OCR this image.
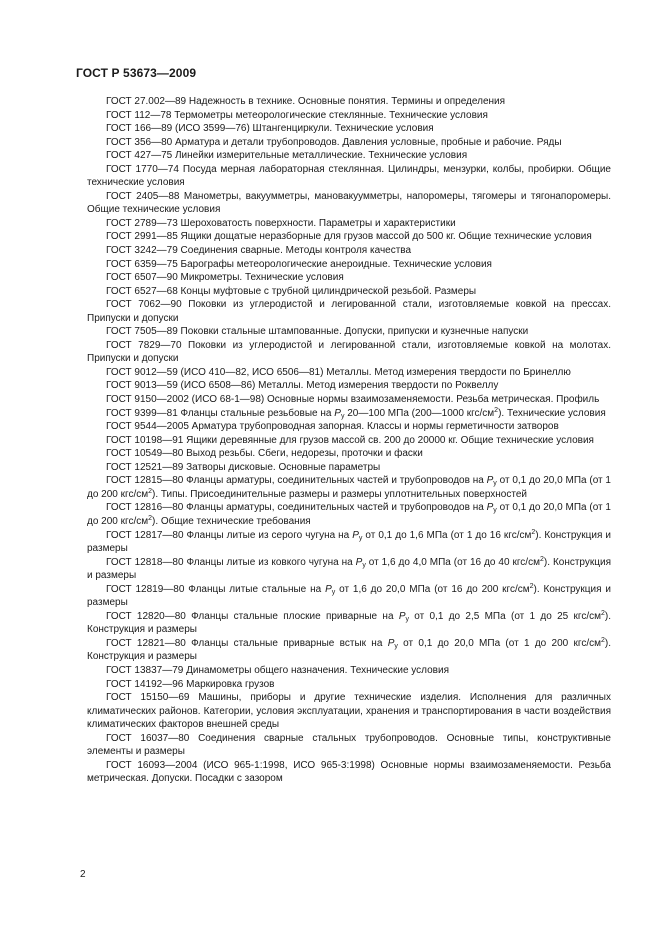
ГОСТ Р 53673—2009

ГОСТ 27.002—89 Надежность в технике. Основные понятия. Термины и определения

ГОСТ 112—78 Термометры метеорологические стеклянные. Технические условия

ГОСТ 166—89 (ИСО 3599—76) Штангенциркули. Технические условия

ГОСТ 356—80 Арматура и детали трубопроводов. Давления условные, пробные и рабочие. Ряды

ГОСТ 427—75 Линейки измерительные металлические. Технические условия

ГОСТ 1770—74 Посуда мерная лабораторная стеклянная. Цилиндры, мензурки, колбы, пробирки. Общие технические условия

ГОСТ 2405—88 Манометры, вакуумметры, мановакуумметры, напоромеры, тягомеры и тягонапоромеры. Общие технические условия

ГОСТ 2789—73 Шероховатость поверхности. Параметры и характеристики

ГОСТ 2991—85 Ящики дощатые неразборные для грузов массой до 500 кг. Общие технические условия

ГОСТ 3242—79 Соединения сварные. Методы контроля качества

ГОСТ 6359—75 Барографы метеорологические анероидные. Технические условия

ГОСТ 6507—90 Микрометры. Технические условия

ГОСТ 6527—68 Концы муфтовые с трубной цилиндрической резьбой. Размеры

ГОСТ 7062—90 Поковки из углеродистой и легированной стали, изготовляемые ковкой на прессах. Припуски и допуски

ГОСТ 7505—89 Поковки стальные штампованные. Допуски, припуски и кузнечные напуски

ГОСТ 7829—70 Поковки из углеродистой и легированной стали, изготовляемые ковкой на молотах. Припуски и допуски

ГОСТ 9012—59 (ИСО 410—82, ИСО 6506—81) Металлы. Метод измерения твердости по Бринеллю

ГОСТ 9013—59 (ИСО 6508—86) Металлы. Метод измерения твердости по Роквеллу

ГОСТ 9150—2002 (ИСО 68-1—98) Основные нормы взаимозаменяемости. Резьба метрическая. Профиль

ГОСТ 9399—81 Фланцы стальные резьбовые на $P_у$ 20—100 МПа (200—1000 кгс/$см^2$). Технические условия

ГОСТ 9544—2005 Арматура трубопроводная запорная. Классы и нормы герметичности затворов

ГОСТ 10198—91 Ящики деревянные для грузов массой св. 200 до 20000 кг. Общие технические условия

ГОСТ 10549—80 Выход резьбы. Сбеги, недорезы, проточки и фаски

ГОСТ 12521—89 Затворы дисковые. Основные параметры

ГОСТ 12815—80 Фланцы арматуры, соединительных частей и трубопроводов на $P_у$ от 0,1 до 20,0 МПа (от 1 до 200 кгс/$см^2$). Типы. Присоединительные размеры и размеры уплотнительных поверхностей

ГОСТ 12816—80 Фланцы арматуры, соединительных частей и трубопроводов на $P_у$ от 0,1 до 20,0 МПа (от 1 до 200 кгс/$см^2$). Общие технические требования

ГОСТ 12817—80 Фланцы литые из серого чугуна на $P_у$ от 0,1 до 1,6 МПа (от 1 до 16 кгс/$см^2$). Конструкция и размеры

ГОСТ 12818—80 Фланцы литые из ковкого чугуна на $P_у$ от 1,6 до 4,0 МПа (от 16 до 40 кгс/$см^2$). Конструкция и размеры

ГОСТ 12819—80 Фланцы литые стальные на $P_у$ от 1,6 до 20,0 МПа (от 16 до 200 кгс/$см^2$). Конструкция и размеры

ГОСТ 12820—80 Фланцы стальные плоские приварные на $P_у$ от 0,1 до 2,5 МПа (от 1 до 25 кгс/$см^2$). Конструкция и размеры

ГОСТ 12821—80 Фланцы стальные приварные встык на $P_у$ от 0,1 до 20,0 МПа (от 1 до 200 кгс/$см^2$). Конструкция и размеры

ГОСТ 13837—79 Динамометры общего назначения. Технические условия

ГОСТ 14192—96 Маркировка грузов

ГОСТ 15150—69 Машины, приборы и другие технические изделия. Исполнения для различных климатических районов. Категории, условия эксплуатации, хранения и транспортирования в части воздействия климатических факторов внешней среды

ГОСТ 16037—80 Соединения сварные стальных трубопроводов. Основные типы, конструктивные элементы и размеры

ГОСТ 16093—2004 (ИСО 965-1:1998, ИСО 965-3:1998) Основные нормы взаимозаменяемости. Резьба метрическая. Допуски. Посадки с зазором

2
